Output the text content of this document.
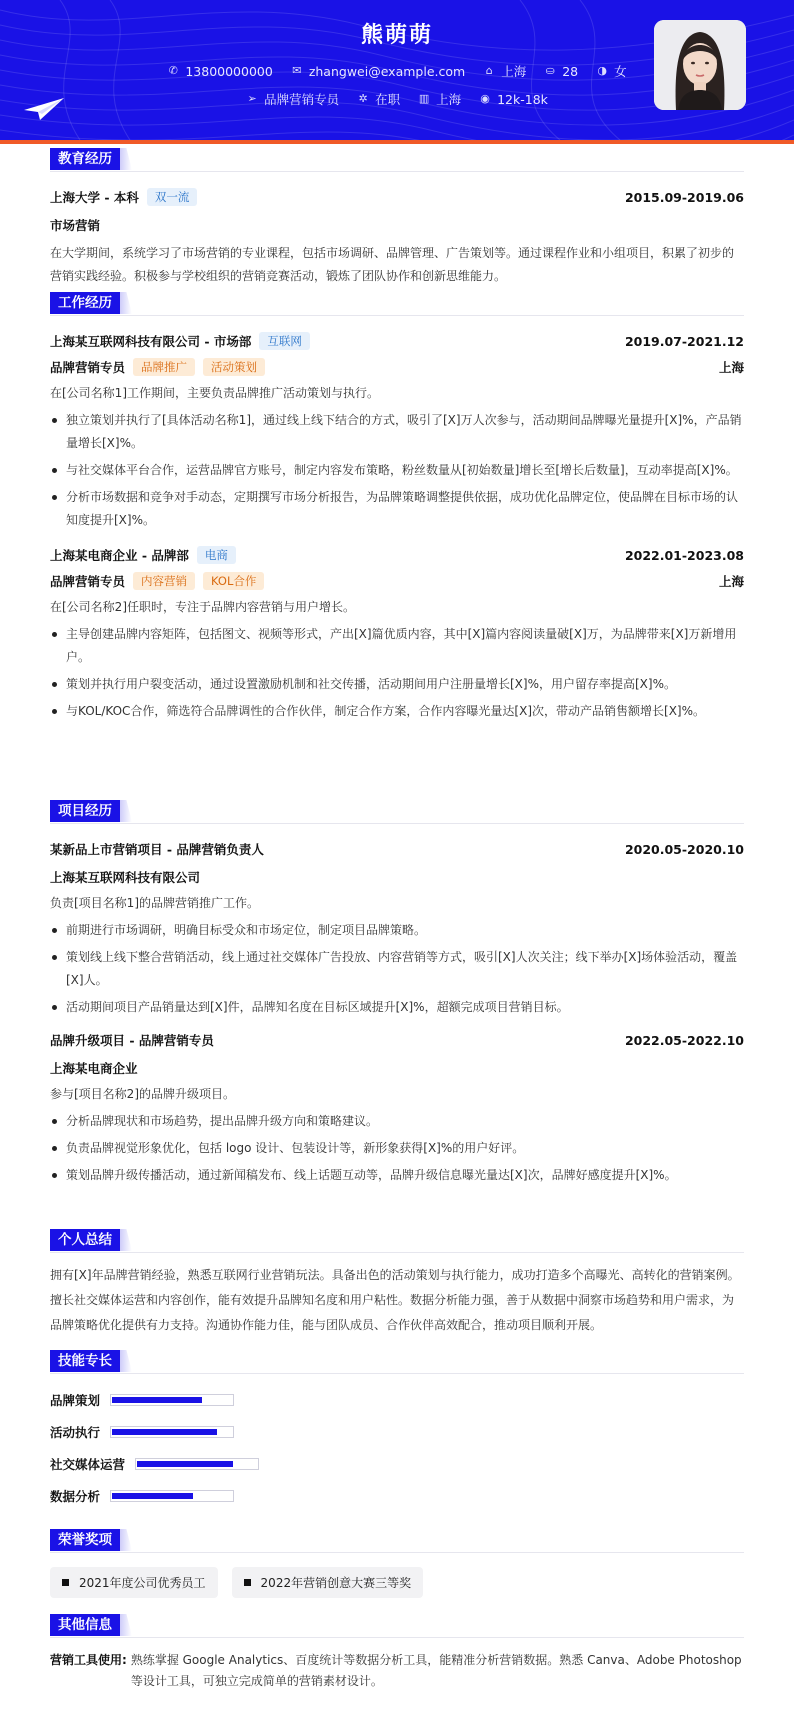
熊萌萌
✆ 13800000000 ✉ zhangwei@example.com ⌂ 上海 ⛀ 28 ◑ 女
➢ 品牌营销专员 ✲ 在职 ▥ 上海 ◉ 12k-18k
教育经历
上海大学 - 本科	双一流	2015.09-2019.06
市场营销
在大学期间，系统学习了市场营销的专业课程，包括市场调研、品牌管理、广告策划等。通过课程作业和小组项目，积累了初步的营销实践经验。积极参与学校组织的营销竞赛活动，锻炼了团队协作和创新思维能力。
工作经历
上海某互联网科技有限公司 - 市场部	互联网	2019.07-2021.12
品牌营销专员	品牌推广	活动策划	上海
在[公司名称1]工作期间，主要负责品牌推广活动策划与执行。
独立策划并执行了[具体活动名称1]，通过线上线下结合的方式，吸引了[X]万人次参与，活动期间品牌曝光量提升[X]%，产品销量增长[X]%。
与社交媒体平台合作，运营品牌官方账号，制定内容发布策略，粉丝数量从[初始数量]增长至[增长后数量]，互动率提高[X]%。
分析市场数据和竞争对手动态，定期撰写市场分析报告，为品牌策略调整提供依据，成功优化品牌定位，使品牌在目标市场的认知度提升[X]%。
上海某电商企业 - 品牌部	电商	2022.01-2023.08
品牌营销专员	内容营销	KOL合作	上海
在[公司名称2]任职时，专注于品牌内容营销与用户增长。
主导创建品牌内容矩阵，包括图文、视频等形式，产出[X]篇优质内容，其中[X]篇内容阅读量破[X]万，为品牌带来[X]万新增用户。
策划并执行用户裂变活动，通过设置激励机制和社交传播，活动期间用户注册量增长[X]%，用户留存率提高[X]%。
与KOL/KOC合作，筛选符合品牌调性的合作伙伴，制定合作方案，合作内容曝光量达[X]次，带动产品销售额增长[X]%。
项目经历
某新品上市营销项目 - 品牌营销负责人	2020.05-2020.10
上海某互联网科技有限公司
负责[项目名称1]的品牌营销推广工作。
前期进行市场调研，明确目标受众和市场定位，制定项目品牌策略。
策划线上线下整合营销活动，线上通过社交媒体广告投放、内容营销等方式，吸引[X]人次关注；线下举办[X]场体验活动，覆盖[X]人。
活动期间项目产品销量达到[X]件，品牌知名度在目标区域提升[X]%，超额完成项目营销目标。
品牌升级项目 - 品牌营销专员	2022.05-2022.10
上海某电商企业
参与[项目名称2]的品牌升级项目。
分析品牌现状和市场趋势，提出品牌升级方向和策略建议。
负责品牌视觉形象优化，包括 logo 设计、包装设计等，新形象获得[X]%的用户好评。
策划品牌升级传播活动，通过新闻稿发布、线上话题互动等，品牌升级信息曝光量达[X]次，品牌好感度提升[X]%。
个人总结
拥有[X]年品牌营销经验，熟悉互联网行业营销玩法。具备出色的活动策划与执行能力，成功打造多个高曝光、高转化的营销案例。擅长社交媒体运营和内容创作，能有效提升品牌知名度和用户粘性。数据分析能力强，善于从数据中洞察市场趋势和用户需求，为品牌策略优化提供有力支持。沟通协作能力佳，能与团队成员、合作伙伴高效配合，推动项目顺利开展。
技能专长
品牌策划
活动执行
社交媒体运营
数据分析
荣誉奖项
2021年度公司优秀员工	2022年营销创意大赛三等奖
其他信息
营销工具使用: 熟练掌握 Google Analytics、百度统计等数据分析工具，能精准分析营销数据。熟悉 Canva、Adobe Photoshop 等设计工具，可独立完成简单的营销素材设计。
